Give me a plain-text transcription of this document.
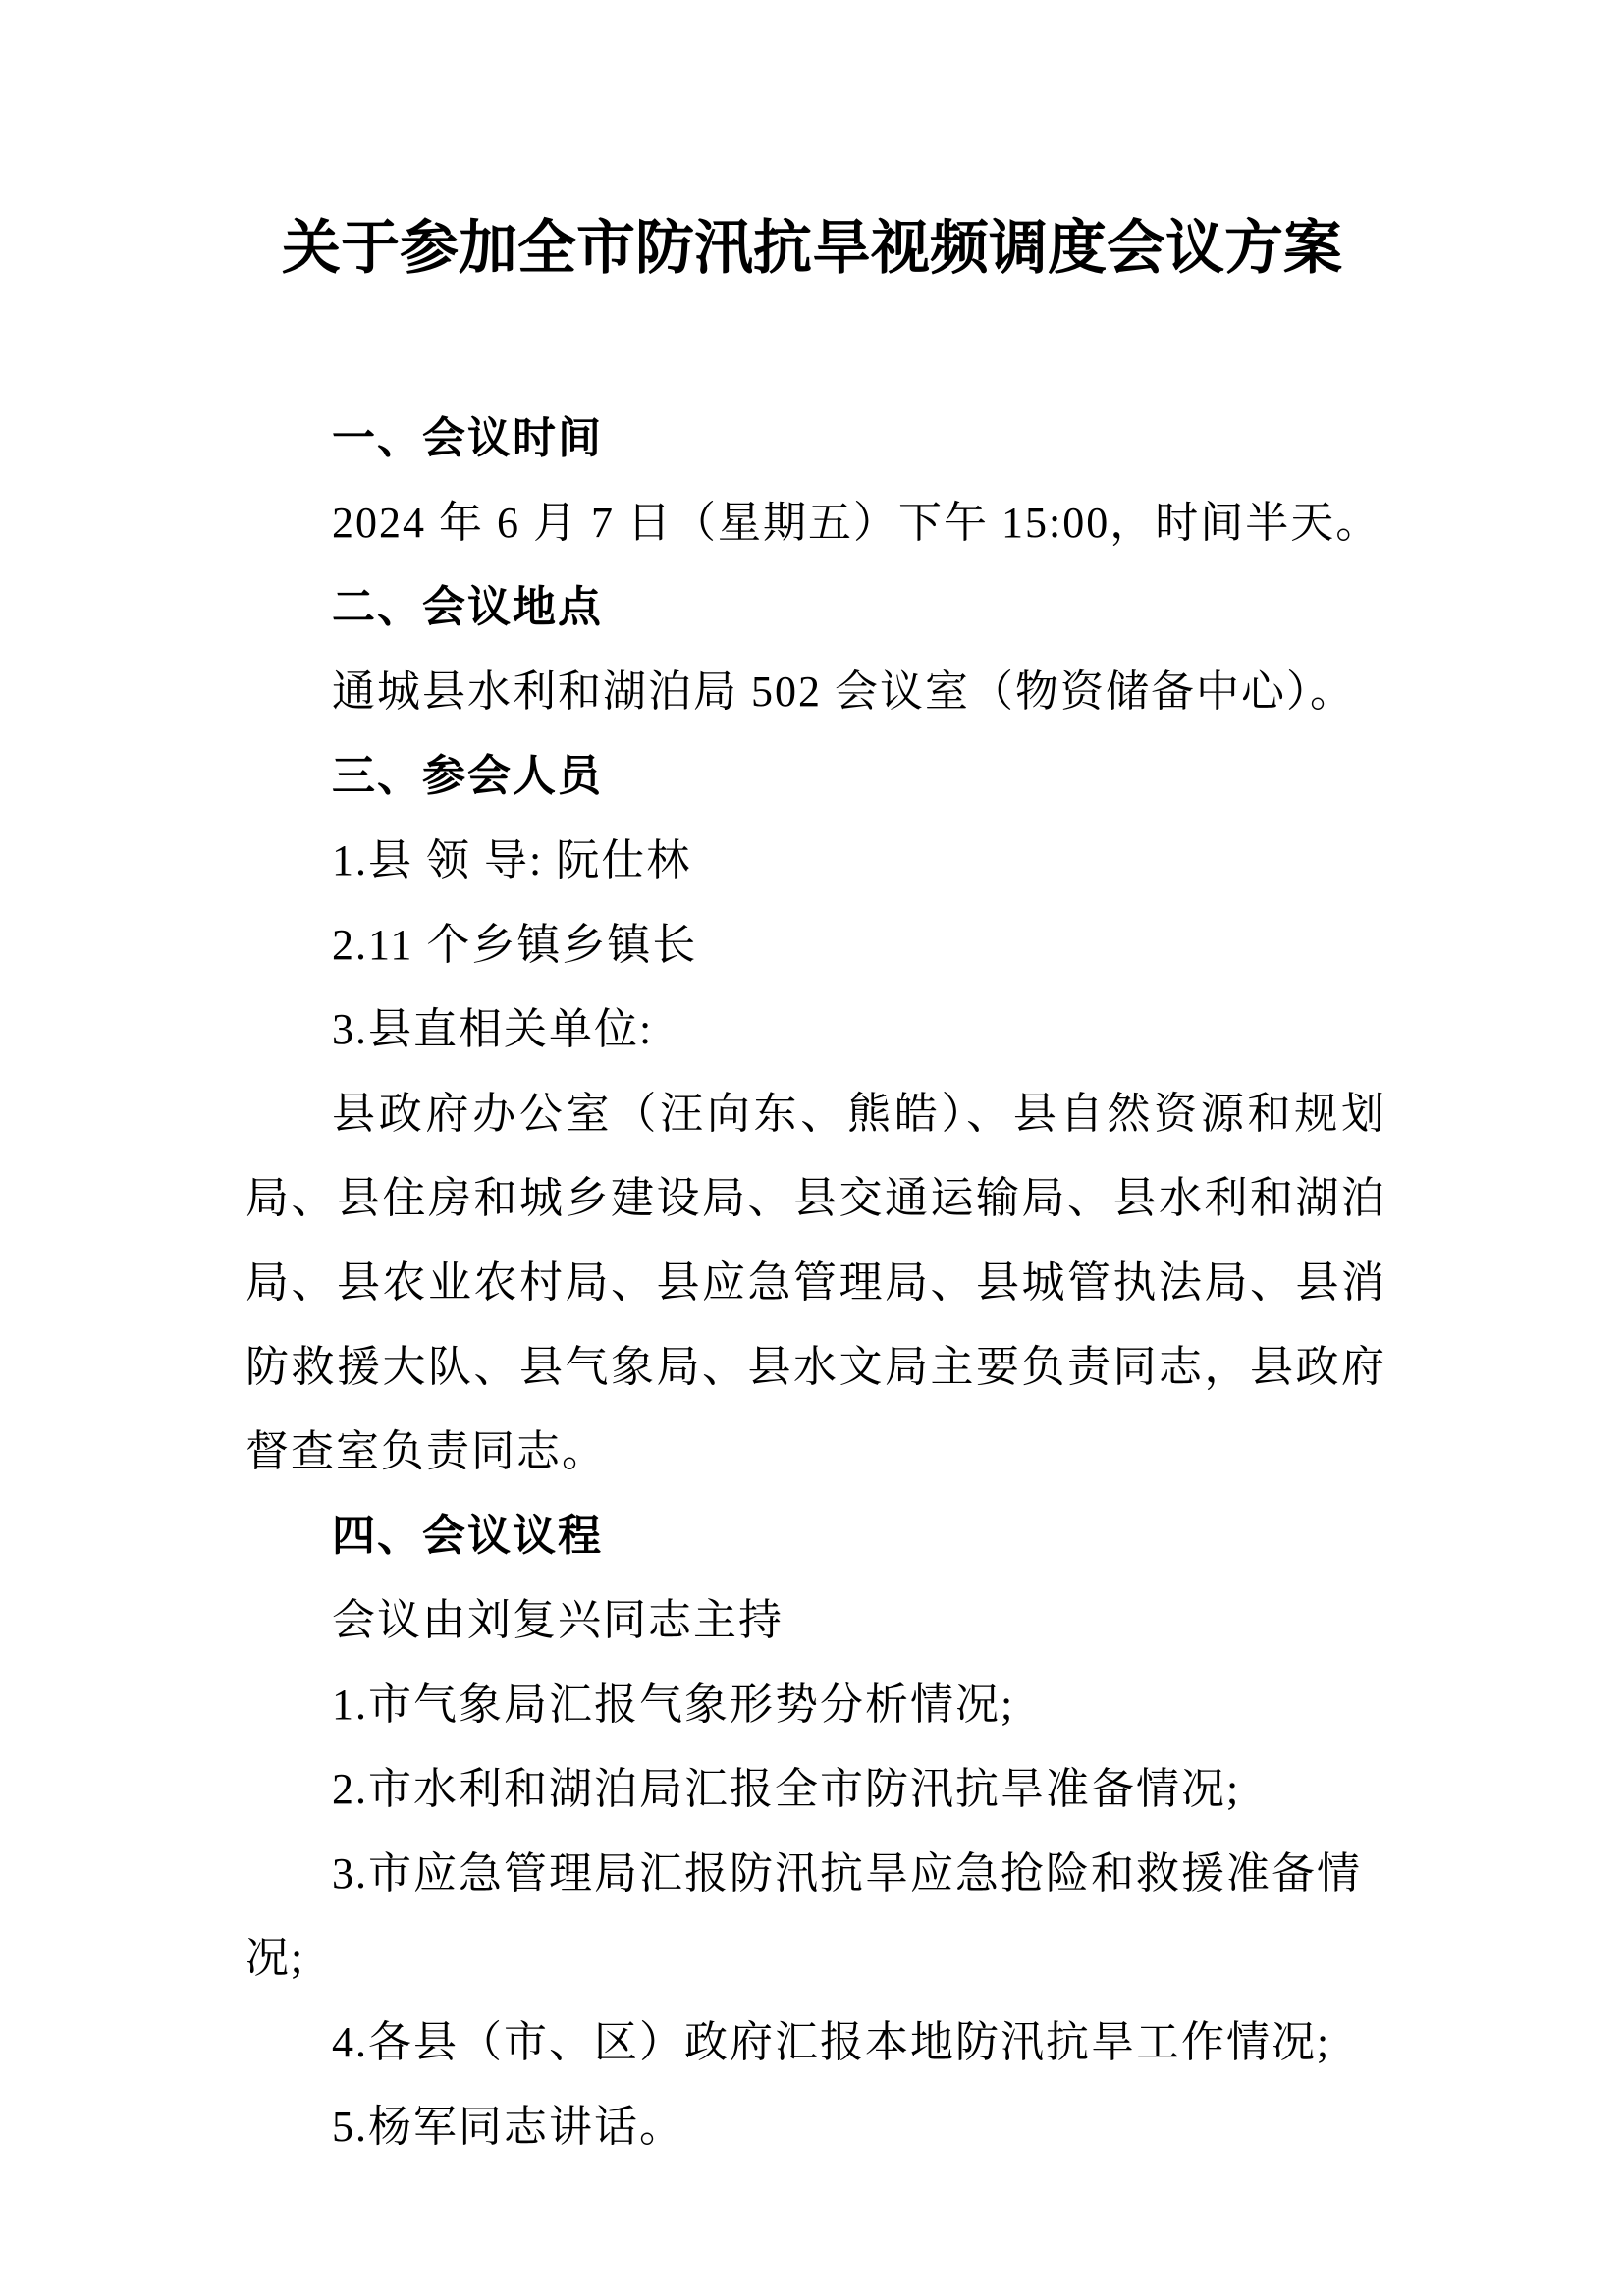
关于参加全市防汛抗旱视频调度会议方案
一、会议时间

2024 年 6 月 7 日（星期五）下午 15:00，时间半天。

二、会议地点

通城县水利和湖泊局 502 会议室（物资储备中心）。

三、参会人员

1.县 领 导: 阮仕林

2.11 个乡镇乡镇长

3.县直相关单位:

县政府办公室（汪向东、熊皓）、县自然资源和规划局、县住房和城乡建设局、县交通运输局、县水利和湖泊局、县农业农村局、县应急管理局、县城管执法局、县消防救援大队、县气象局、县水文局主要负责同志，县政府督查室负责同志。

四、会议议程

会议由刘复兴同志主持

1.市气象局汇报气象形势分析情况;

2.市水利和湖泊局汇报全市防汛抗旱准备情况;

3.市应急管理局汇报防汛抗旱应急抢险和救援准备情况;

4.各县（市、区）政府汇报本地防汛抗旱工作情况;

5.杨军同志讲话。
